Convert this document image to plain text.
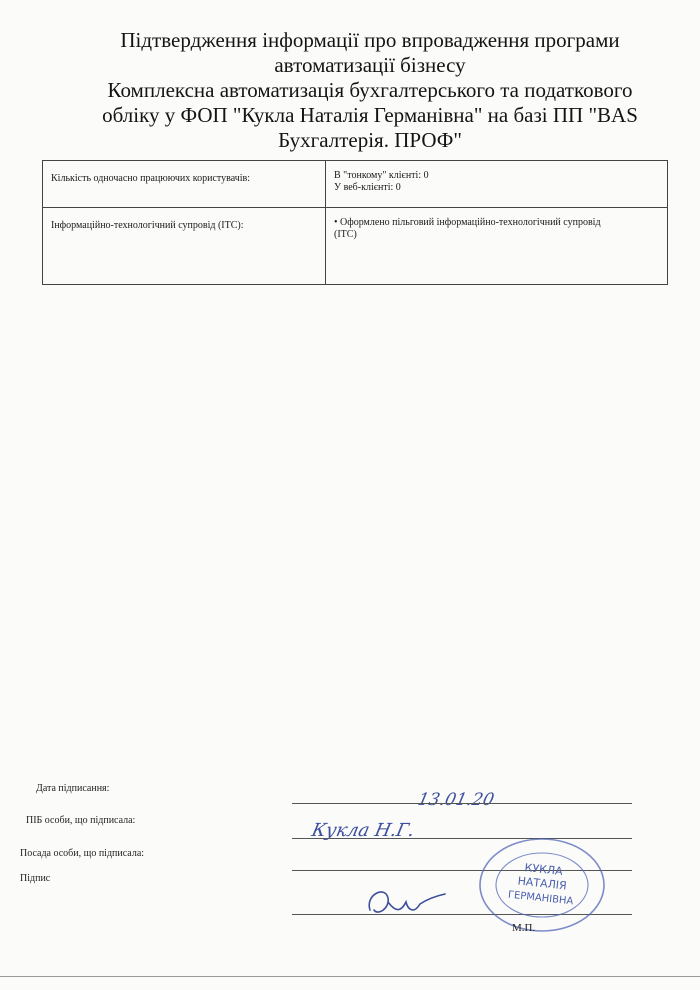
Підтвердження інформації про впровадження програми
автоматизації бізнесу
Комплексна автоматизація бухгалтерського та податкового
обліку у ФОП "Кукла Наталія Германівна" на базі ПП "BAS
Бухгалтерія. ПРОФ"
Кількість одночасно працюючих користувачів:	В "тонкому" клієнті: 0
У веб-клієнті: 0

Інформаційно-технологічний супровід (ІТС):	• Оформлено пільговий інформаційно-технологічний супровід
(ІТС)
Дата підписання:
13.01.20
ПІБ особи, що підписала:	Кукла Н.Г.
Посада особи, що підписала:
Підпис
КУКЛА
НАТАЛІЯ
ГЕРМАНІВНА
М.П.
